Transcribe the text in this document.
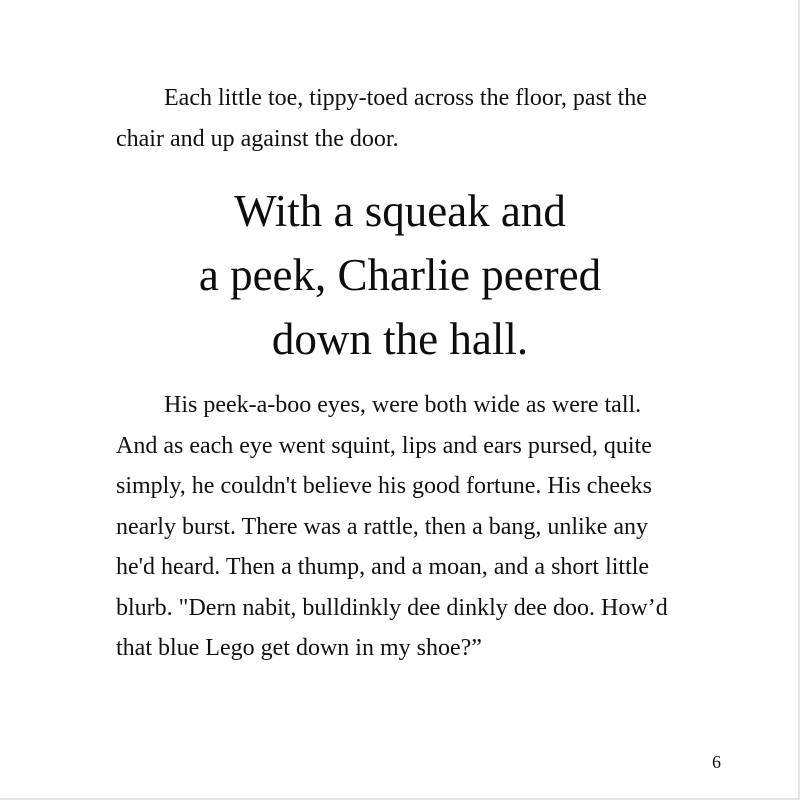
Each little toe, tippy-toed across the floor, past the chair and up against the door.

With a squeak and
a peek, Charlie peered
down the hall.

His peek-a-boo eyes, were both wide as were tall. And as each eye went squint, lips and ears pursed, quite simply, he couldn't believe his good fortune. His cheeks nearly burst. There was a rattle, then a bang, unlike any he'd heard. Then a thump, and a moan, and a short little blurb. "Dern nabit, bulldinkly dee dinkly dee doo. How’d that blue Lego get down in my shoe?”

6
